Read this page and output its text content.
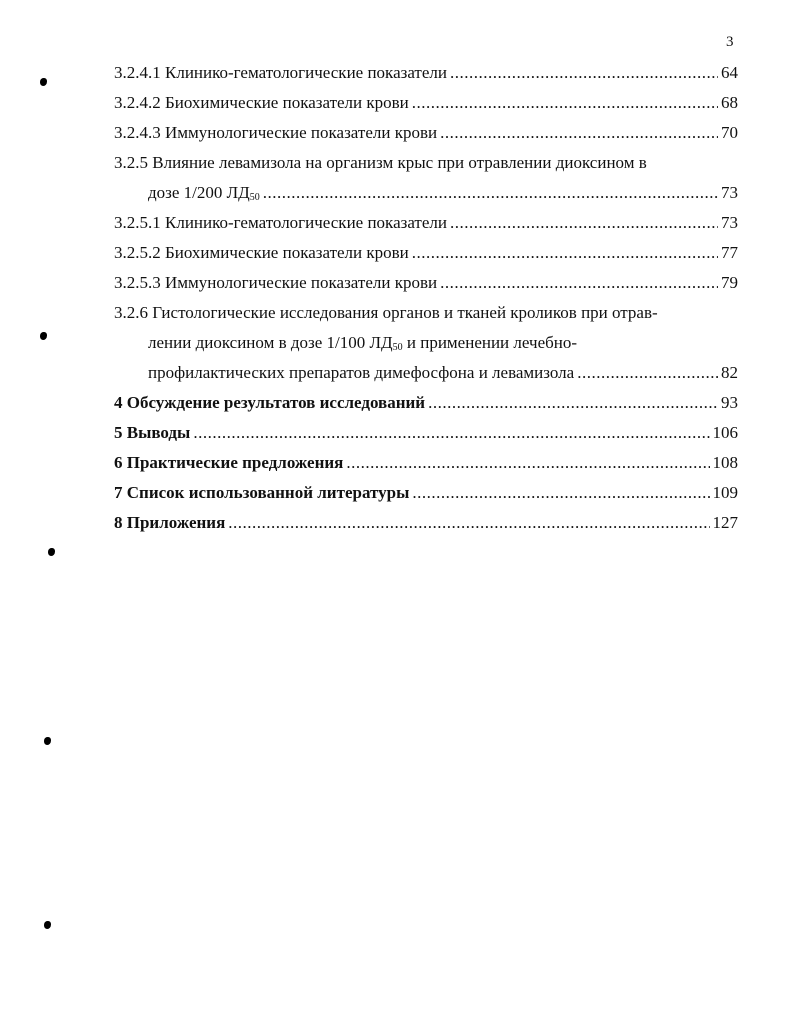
3
3.2.4.1 Клинико-гематологические показатели .....	64
3.2.4.2 Биохимические показатели крови .....	68
3.2.4.3 Иммунологические показатели крови .....	70
3.2.5 Влияние левамизола на организм крыс при отравлении диоксином в
дозе 1/200 $ЛД_{50}$ .....	73
3.2.5.1 Клинико-гематологические показатели .....	73
3.2.5.2 Биохимические показатели крови .....	77
3.2.5.3 Иммунологические показатели крови .....	79
3.2.6 Гистологические исследования органов и тканей кроликов при отрав-
лении диоксином в дозе 1/100 $ЛД_{50}$ и применении лечебно-
профилактических препаратов димефосфона и левамизола .....	82
4 Обсуждение результатов исследований .....	93
5 Выводы .....	106
6 Практические предложения .....	108
7 Список использованной литературы .....	109
8 Приложения .....	127
